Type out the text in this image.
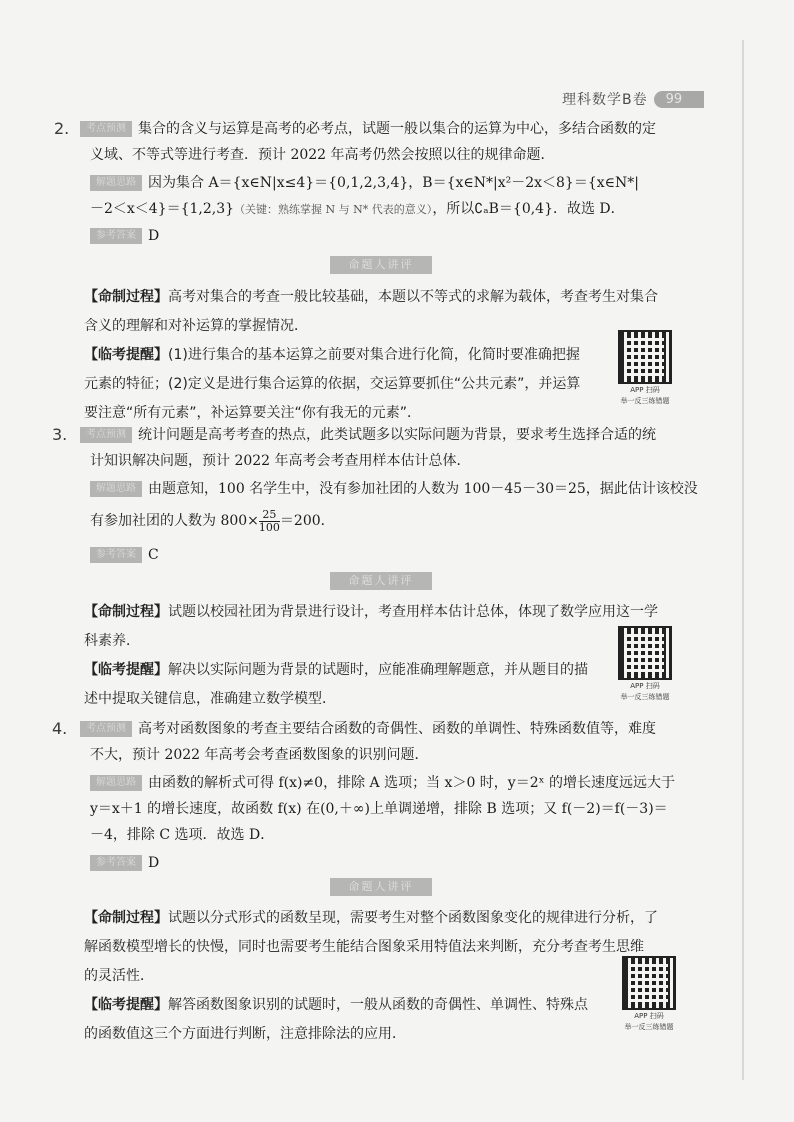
理科数学B卷	99
2.	考点预测 集合的含义与运算是高考的必考点，试题一般以集合的运算为中心，多结合函数的定
义域、不等式等进行考查．预计 2022 年高考仍然会按照以往的规律命题．
解题思路 因为集合 A＝{x∈N|x≤4}＝{0,1,2,3,4}，B＝{x∈N*|x²－2x＜8}＝{x∈N*|
－2＜x＜4}＝{1,2,3}（关键：熟练掌握 N 与 N* 代表的意义），所以∁ₐB＝{0,4}．故选 D．
参考答案 D
命题人讲评
【命制过程】高考对集合的考查一般比较基础，本题以不等式的求解为载体，考查考生对集合
含义的理解和对补运算的掌握情况．
【临考提醒】(1)进行集合的基本运算之前要对集合进行化简，化简时要准确把握
元素的特征；(2)定义是进行集合运算的依据，交运算要抓住“公共元素”，并运算
要注意“所有元素”，补运算要关注“你有我无的元素”．
APP 扫码
举一反三练错题
3.	考点预测 统计问题是高考考查的热点，此类试题多以实际问题为背景，要求考生选择合适的统
计知识解决问题，预计 2022 年高考会考查用样本估计总体．
解题思路 由题意知，100 名学生中，没有参加社团的人数为 100－45－30＝25，据此估计该校没
有参加社团的人数为 $800\times \frac{25}{100} =200$．
参考答案 C
命题人讲评
【命制过程】试题以校园社团为背景进行设计，考查用样本估计总体，体现了数学应用这一学
科素养．
【临考提醒】解决以实际问题为背景的试题时，应能准确理解题意，并从题目的描
述中提取关键信息，准确建立数学模型．
APP 扫码
举一反三练错题
4.	考点预测 高考对函数图象的考查主要结合函数的奇偶性、函数的单调性、特殊函数值等，难度
不大，预计 2022 年高考会考查函数图象的识别问题．
解题思路 由函数的解析式可得 f(x)≠0，排除 A 选项；当 x＞0 时，y＝2ˣ 的增长速度远远大于
y＝x＋1 的增长速度，故函数 f(x) 在(0,＋∞)上单调递增，排除 B 选项；又 f(－2)＝f(－3)＝
－4，排除 C 选项．故选 D．
参考答案 D
命题人讲评
【命制过程】试题以分式形式的函数呈现，需要考生对整个函数图象变化的规律进行分析，了
解函数模型增长的快慢，同时也需要考生能结合图象采用特值法来判断，充分考查考生思维
的灵活性．
【临考提醒】解答函数图象识别的试题时，一般从函数的奇偶性、单调性、特殊点
的函数值这三个方面进行判断，注意排除法的应用．
APP 扫码
举一反三练错题
